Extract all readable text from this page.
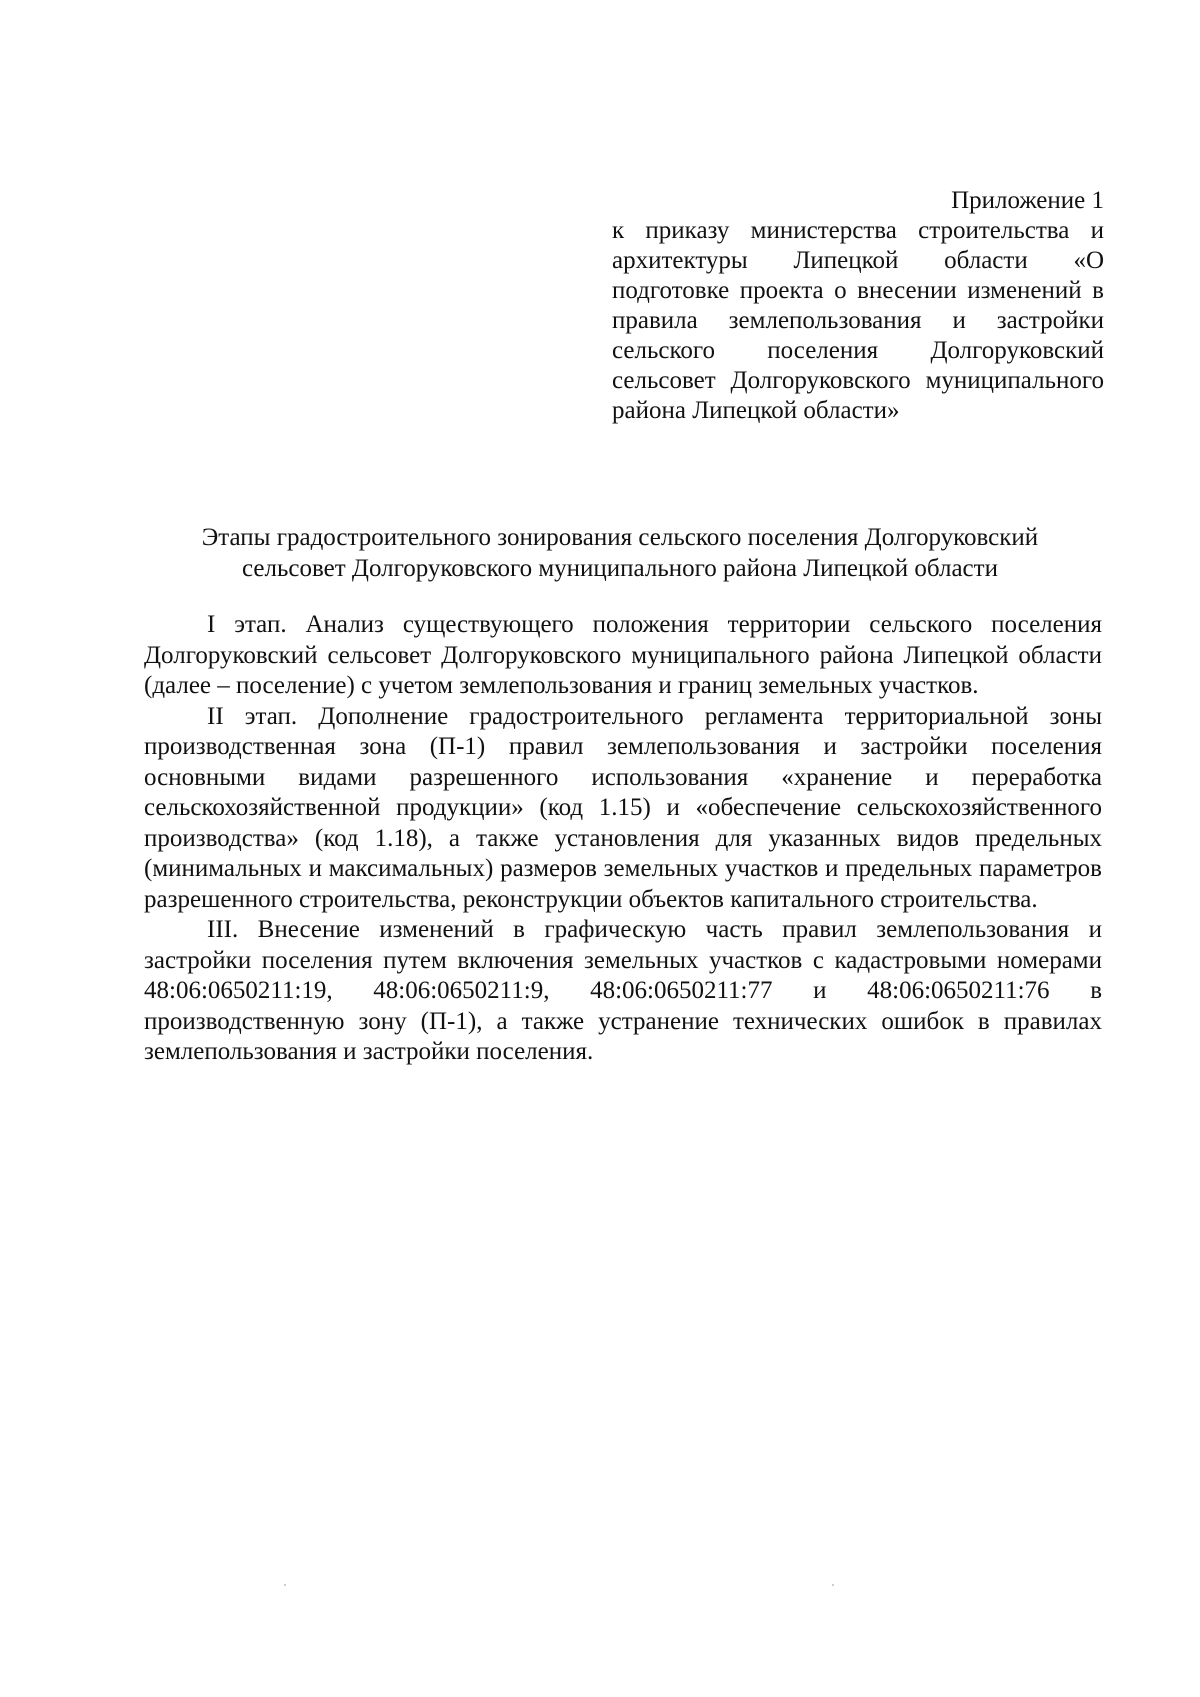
Приложение 1
к приказу министерства строительства и архитектуры Липецкой области «О подготовке проекта о внесении изменений в правила землепользования и застройки сельского поселения Долгоруковский сельсовет Долгоруковского муниципального района Липецкой области»
Этапы градостроительного зонирования сельского поселения Долгоруковский
сельсовет Долгоруковского муниципального района Липецкой области

I этап. Анализ существующего положения территории сельского поселения Долгоруковский сельсовет Долгоруковского муниципального района Липецкой области (далее – поселение) с учетом землепользования и границ земельных участков.

II этап. Дополнение градостроительного регламента территориальной зоны производственная зона (П-1) правил землепользования и застройки поселения основными видами разрешенного использования «хранение и переработка сельскохозяйственной продукции» (код 1.15) и «обеспечение сельскохозяйственного производства» (код 1.18), а также установления для указанных видов предельных (минимальных и максимальных) размеров земельных участков и предельных параметров разрешенного строительства, реконструкции объектов капитального строительства.

III. Внесение изменений в графическую часть правил землепользования и застройки поселения путем включения земельных участков с кадастровыми номерами 48:06:0650211:19, 48:06:0650211:9, 48:06:0650211:77 и 48:06:0650211:76 в производственную зону (П-1), а также устранение технических ошибок в правилах землепользования и застройки поселения.
